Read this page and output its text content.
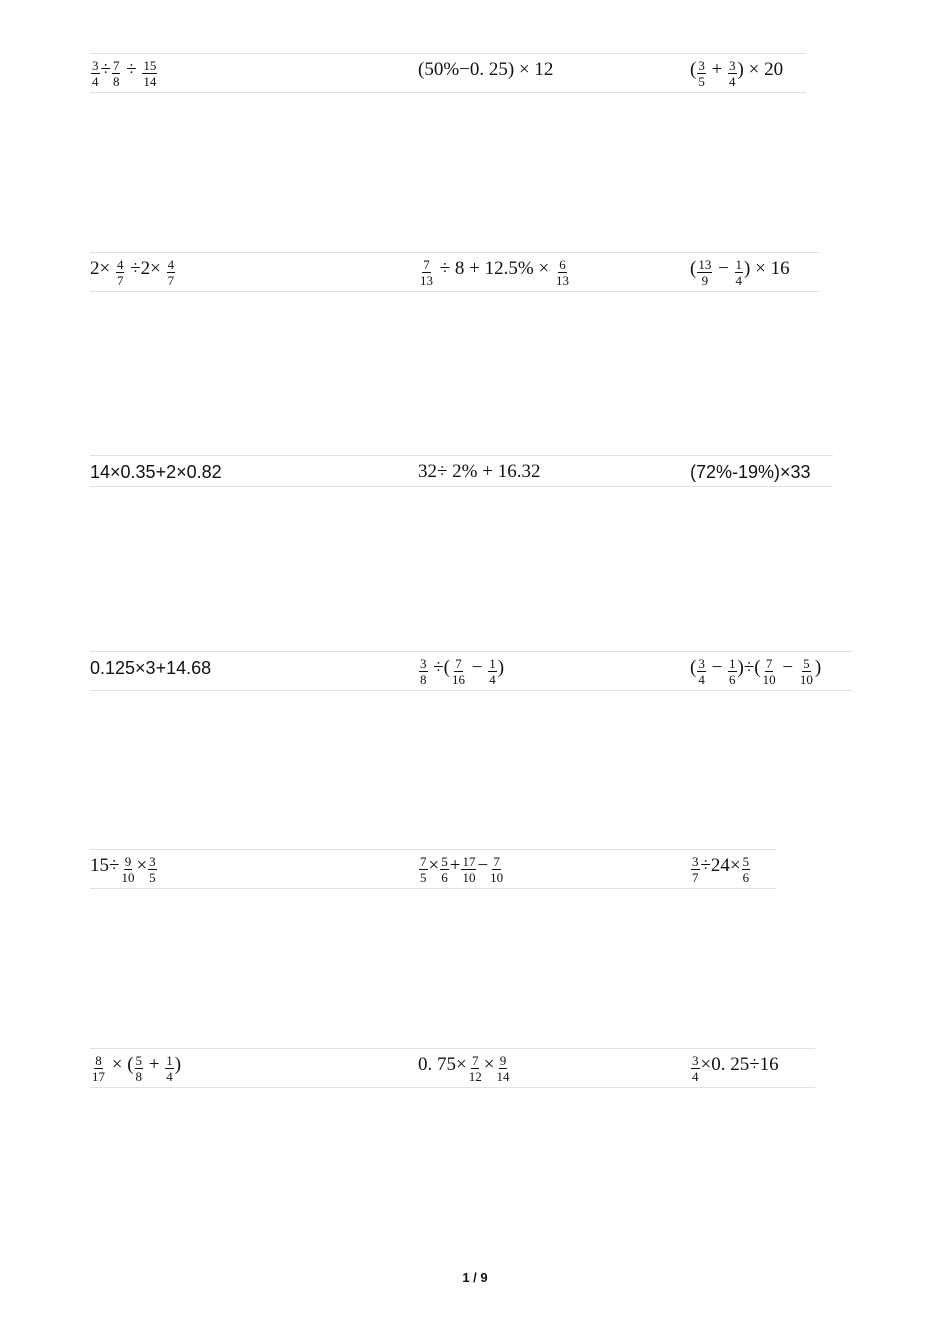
$\frac{3}{4} \div \frac{7}{8} \div \frac{15}{14}$	(50%−0. 25) × 12	( $\frac{3}{5} + \frac{3}{4}$ ) × 20
$2\times \frac{4}{7} \div 2\times \frac{4}{7}$	$\frac{7}{13} \div 8 + 12.5\% \times \frac{6}{13}$	( $\frac{13}{9} - \frac{1}{4}$ ) × 16
14×0.35+2×0.82	32÷ 2% + 16.32	(72%-19%)×33
0.125×3+14.68	$\frac{3}{8}$ ÷( $\frac{7}{16} - \frac{1}{4}$ )	( $\frac{3}{4} - \frac{1}{6}$ )÷( $\frac{7}{10} - \frac{5}{10}$ )
$15\div \frac{9}{10} \times \frac{3}{5}$	$\frac{7}{5} \times \frac{5}{6} + \frac{17}{10} - \frac{7}{10}$	$\frac{3}{7} \div 24\times \frac{5}{6}$
$\frac{8}{17}$ × ( $\frac{5}{8} + \frac{1}{4}$ )	0. $75\times \frac{7}{12} \times \frac{9}{14}$	$\frac{3}{4} \times 0$. 25÷16
1 / 9
